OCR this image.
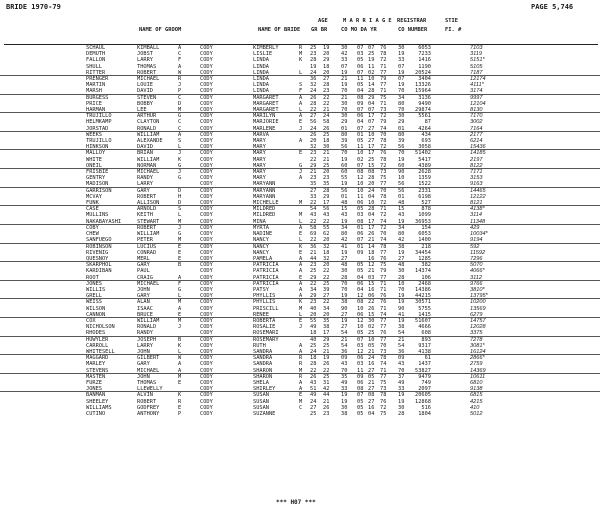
BRIDE 1970-79	PAGE 5,746
NAME OF GROOM	NAME OF BRIDE
AGE
GR BR
M A R R I A G E
CO MO DA YR
REGISTRAR
CO NUMBER
STIE
FI. #
SCHAUL	KIMBALL	A	CODY	KIMBERLY	R	25	19	30	07 07	76	30	6053	7103
DEMUTH	JOBST	C	CODY	LISLIE	M	23	20	42	03 25	78	19	7233	3119
FALLON	LARRY	F	CODY	LINDA	K	28	29	33	05 19	72	33	1416	5151*
SHULL	THOMAS	A	CODY	LINDA	19	18	07	06 11	71	07	1190	5105
RITTER	ROBERT	W	CODY	LINDA	L	24	20	19	07 02	77	19	20524	7187
PRENGER	MICHAEL	R	CODY	LINDA	36	27	21	11 10	79	07	3404	12174
MARTIN	LOUIE	J	CODY	LINDA	S	32	28	19	05 14	77	19	13326	4111*
MARSH	DAVID	P	CODY	LINDA	F	24	23	70	04 28	71	70	15964	3174
BURGESS	STEVEN	C	CODY	MARGARET	A	26	22	21	08 29	75	34	3136	9997
PRICE	BOBBY	D	CODY	MARGARET	A	28	22	30	09 04	71	80	9490	12104
HARMAN	LEE	M	CODY	MARGARET	L	22	21	70	07 07	73	70	29874	8130
TRUJILLO	ARTHUR	G	CODY	MARILYN	A	27	24	30	06 17	72	30	5561	7170
HELMKAMP	CLAYTON	C	CODY	MARJORIE	E	56	58	29	04 07	79	29	87	3002
JORSTAD	RONALD	C	CODY	MARLENE	J	24	26	01	07 27	74	01	4264	7164
WEEKS	WILLIAM	A	CODY	MARVA	26	25	80	01 10	70	80	434	2177
TRUJILLO	ALEXANDE	S	CODY	MARY	A	20	18	39	05 27	78	39	693	6214
HINKSON	DAVID	L	CODY	MARY	32	30	56	11 17	72	56	3058	15436
MALLOY	BRIAN	J	CODY	MARY	E	23	21	70	10 17	76	70	51402	14185
WHITE	WILLIAM	K	CODY	MARY	22	21	19	02 25	78	19	5417	2197
ONEIL	NORMAN	G	CODY	MARY	G	29	25	60	07 15	72	60	4389	8122
FRISBIE	MICHAEL	J	CODY	MARY	J	21	20	60	08 08	73	90	2628	7171
GENTRY	RANDY	G	CODY	MARY	A	23	23	55	12 28	75	10	1359	3153
MADISON	LARRY	CODY	MARYANN	35	35	19	10 20	77	56	1522	9163
GARRISON	GARY	D	CODY	MARYANN	27	28	56	10 24	70	56	2331	14465
MCVAY	ROBERT	H	CODY	MARYANN	33	29	01	11 04	78	01	6198	12122
FUNK	ALLISON	D	CODY	MICHELLE	M	22	17	48	06 10	72	48	527	8121
CASE	ARNOLD	S	CODY	MILDRED	54	56	15	05 28	71	15	878	4138*
MULLINS	KEITH	L	CODY	MILDRED	M	43	43	43	03 04	72	43	1099	3114
NAKABAYASHI	STEWART	M	CODY	MINA	L	22	22	19	08 17	74	19	36953	11348
COBY	ROBERT	J	CODY	MYRTA	A	58	55	34	01 17	72	34	154	429
CHEW	WILLIAM	G	CODY	NADINE	E	69	62	80	06 26	70	80	6053	10034*
SANFUEGO	PETER	M	CODY	NANCY	L	22	20	42	07 21	74	42	1400	9194
ROBINSON	LUCIUS	E	CODY	NANCY	K	36	32	41	01 14	78	38	218	592
RIVENIG	CONRAD	E	CODY	NANCY	E	21	18	19	09 18	77	19	34454	11592
QUESNOY	MERL	E	CODY	PAMELA	A	44	32	27	16	76	27	1285	7296
SKARPHOL	GARY	B	CODY	PATRICIA	A	23	20	48	05 12	75	48	382	5070
KARDIBAN	PAUL	CODY	PATRICIA	A	25	22	30	05 21	79	30	14374	4066*
ROOT	CRAIG	A	CODY	PATRICIA	E	29	22	28	04 03	77	28	106	3112
JONES	MICHAEL	F	CODY	PATRICIA	A	22	25	70	06 15	71	10	2468	9766
WILLIS	JOHN	G	CODY	PATSY	A	34	39	70	04 16	71	70	14386	3810*
GRELL	GARY	L	CODY	PHYLLIS	A	29	27	19	12 06	76	19	44215	13795*
WEISS	ALAN	M	CODY	PHYLLIS	K	23	22	38	08 22	76	19	30571	10200
WILSON	ISAAC	A	CODY	PRISCILL	M	40	34	90	10 26	71	90	5755	13569
CANNON	BRUCE	E	CODY	RENEE	L	20	20	27	06 15	74	41	1415	6279
COX	WILLIAM	M	CODY	ROBERTA	E	55	35	19	12 30	77	19	51607	14757
NICHOLSON	RONALD	J	CODY	ROSALIE	J	49	38	27	10 02	77	38	4666	12028
RHODES	RANDY	CODY	ROSEMARI	18	17	54	05 25	76	54	608	3375
HUWYLER	JOSEPH	B	CODY	ROSEMARY	40	29	21	07 10	77	21	893	7278
CARROLL	LARRY	K	CODY	RUTH	A	25	25	54	03 05	70	54	9317	3081*
WHITESELL	JOHN	L	CODY	SANDRA	A	24	21	36	12 21	73	36	4138	16124
MAGGARD	GILBERT	W	CODY	SANDRA	R	18	19	09	06 24	78	09	61	2866*
MARLEY	GARY	A	CODY	SANDRA	R	28	26	43	03 16	74	43	1437	2759
STEVENS	MICHAEL	A	CODY	SHARON	M	22	22	70	11 27	71	70	53827	14369
MASTEN	JOHN	M	CODY	SHARON	R	26	25	35	09 05	77	37	9479	10611
FURZE	THOMAS	E	CODY	SHELA	A	43	31	49	06 21	75	49	749	6810
JONES	LLEWELLY	CODY	SHIRLEY	A	51	42	33	08 27	73	33	2097	9138
BANMAN	ALVIN	K	CODY	SUSAN	E	49	44	19	07 08	78	19	20605	6815
SHEELEY	ROBERT	R	CODY	SUSAN	M	24	21	19	05 27	76	19	12868	4215
WILLIAMS	GODFREY	E	CODY	SUSAN	C	27	26	30	05 16	72	30	516	410
CUTINO	ANTHONY	P	CODY	SUZANNE	25	23	38	05 04	75	28	1804	5012
*** H07 ***
